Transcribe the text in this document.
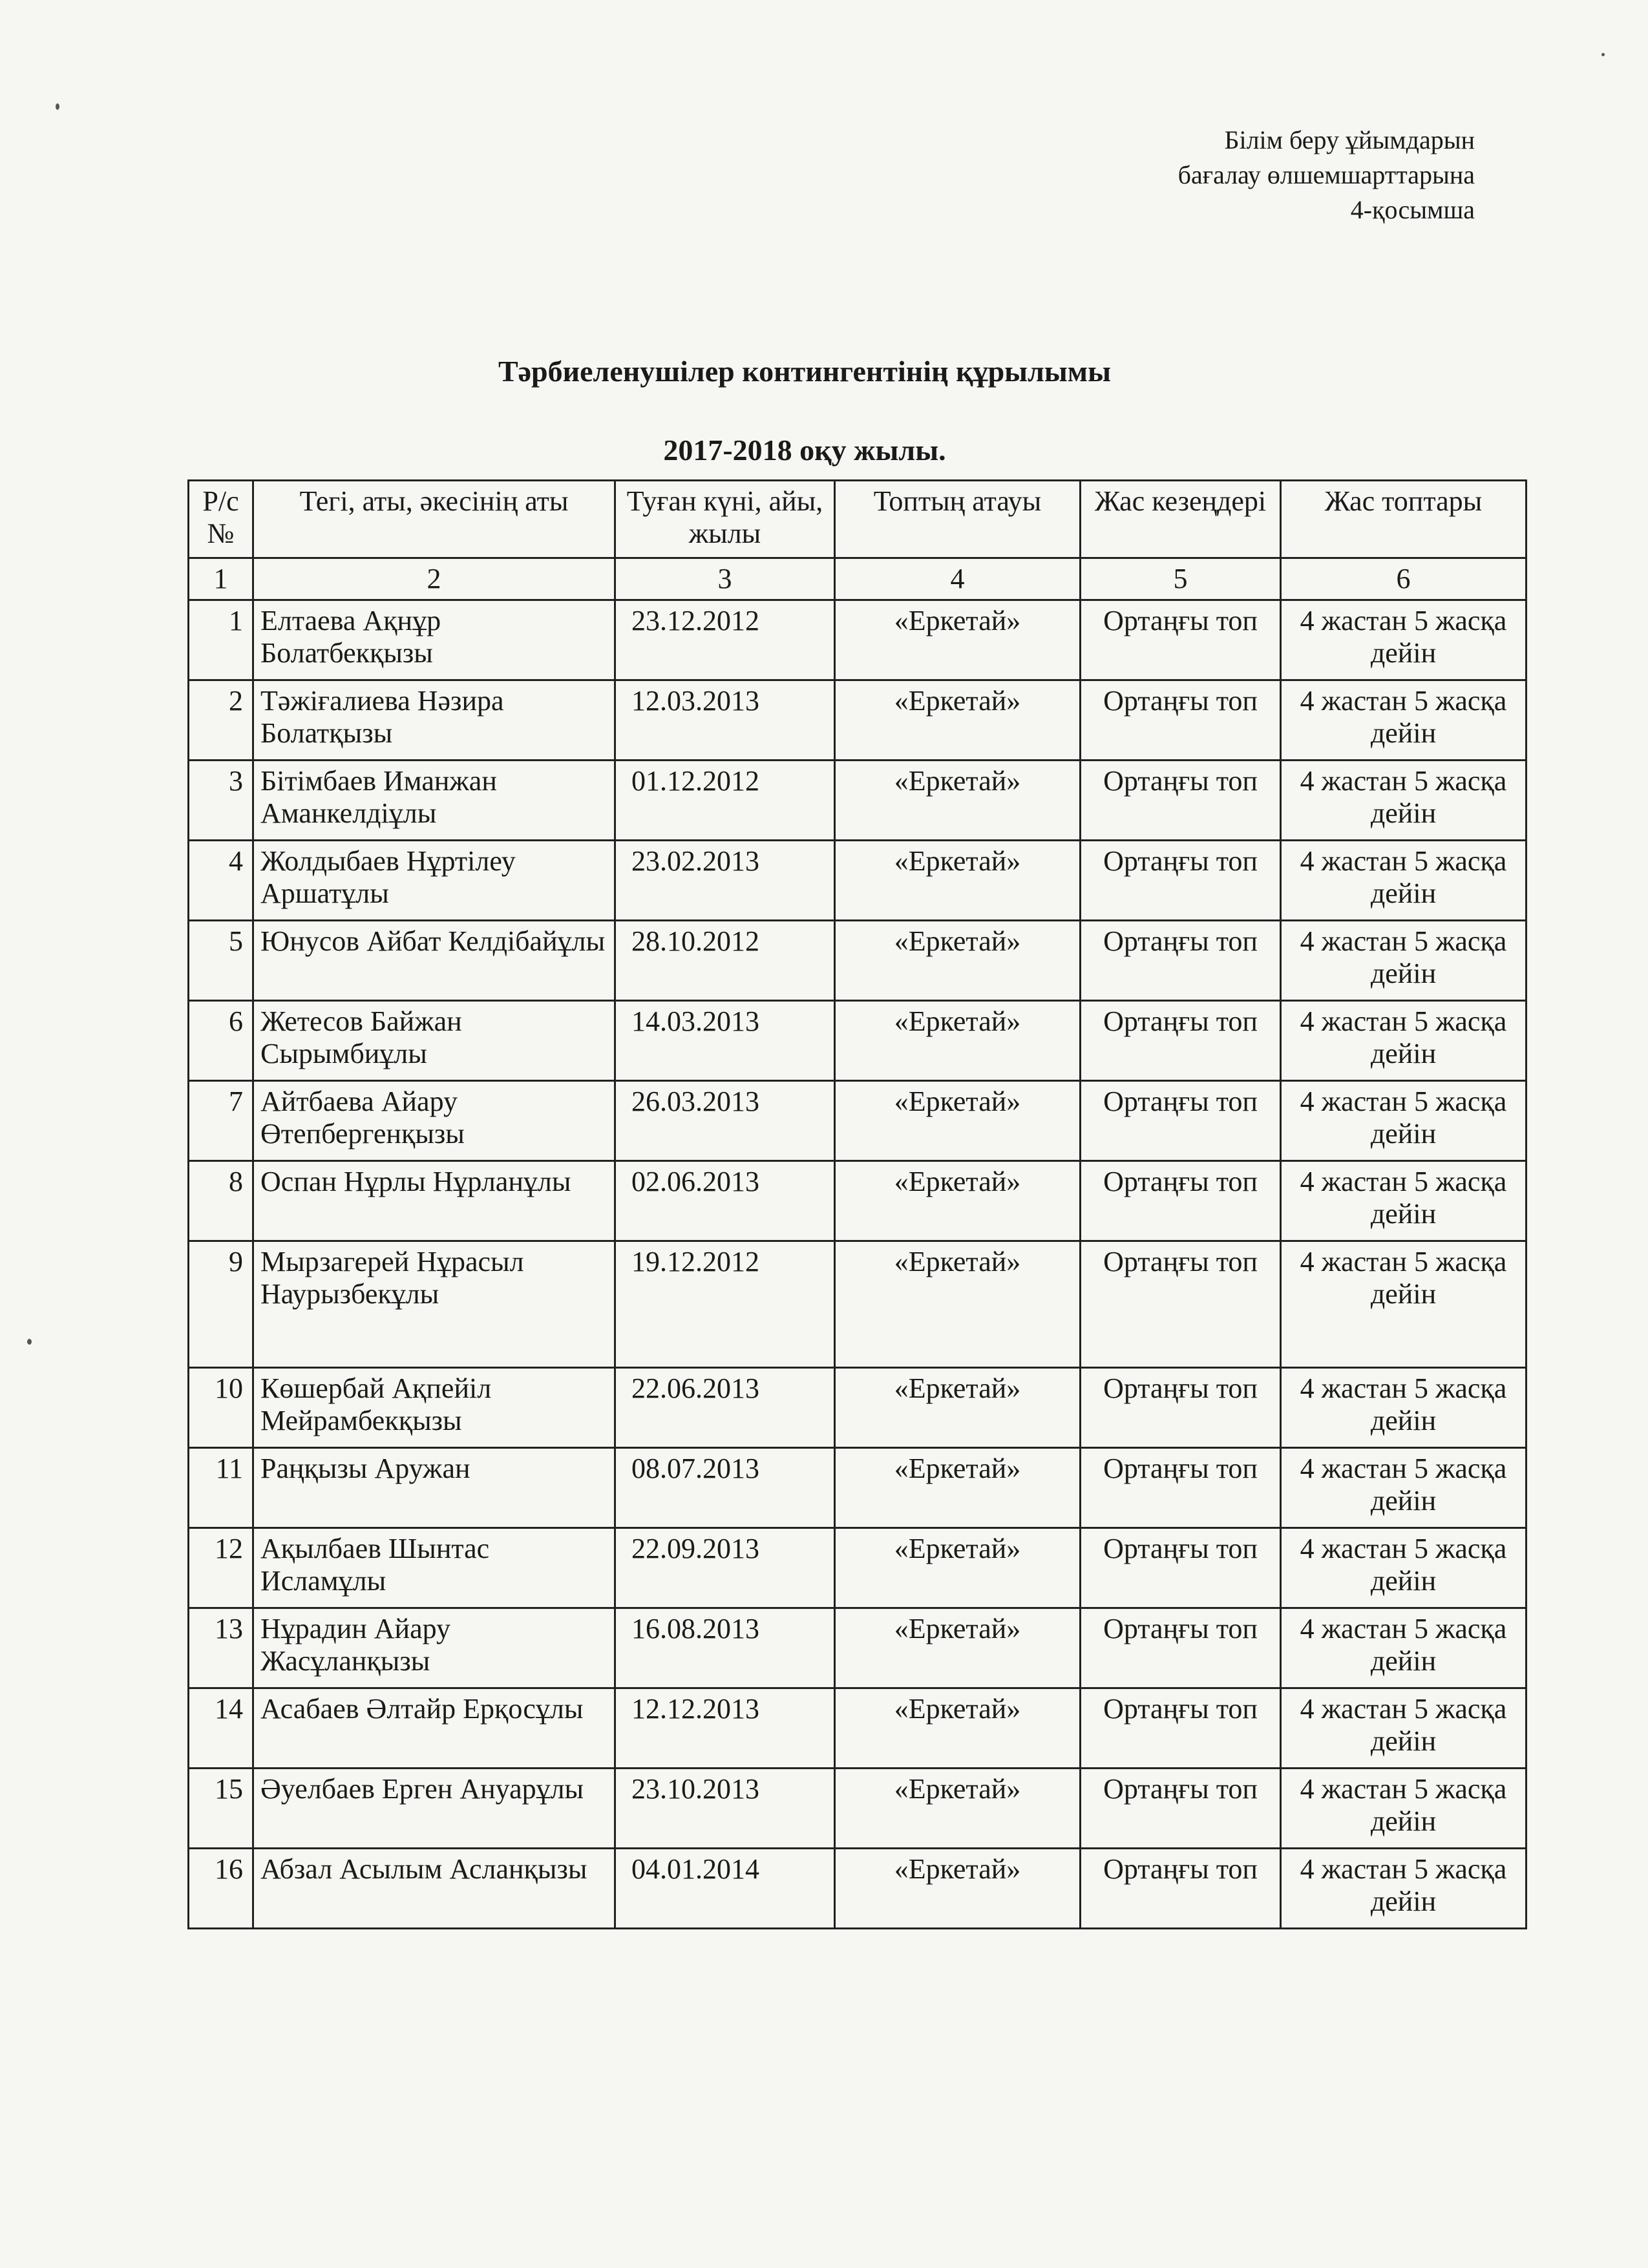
Білім беру ұйымдарын
бағалау өлшемшарттарына
4-қосымша
Тәрбиеленушілер контингентінің құрылымы
2017-2018 оқу жылы.
Р/с №	Тегі, аты, әкесінің аты	Туған күні, айы, жылы	Топтың атауы	Жас кезеңдері	Жас топтары
1	2	3	4	5	6
1	Елтаева Ақнұр Болатбекқызы	23.12.2012	«Еркетай»	Ортаңғы топ	4 жастан 5 жасқа дейін
2	Тәжіғалиева Нәзира Болатқызы	12.03.2013	«Еркетай»	Ортаңғы топ	4 жастан 5 жасқа дейін
3	Бітімбаев Иманжан Аманкелдіұлы	01.12.2012	«Еркетай»	Ортаңғы топ	4 жастан 5 жасқа дейін
4	Жолдыбаев Нұртілеу Аршатұлы	23.02.2013	«Еркетай»	Ортаңғы топ	4 жастан 5 жасқа дейін
5	Юнусов Айбат Келдібайұлы	28.10.2012	«Еркетай»	Ортаңғы топ	4 жастан 5 жасқа дейін
6	Жетесов Байжан Сырымбиұлы	14.03.2013	«Еркетай»	Ортаңғы топ	4 жастан 5 жасқа дейін
7	Айтбаева Айару Өтепбергенқызы	26.03.2013	«Еркетай»	Ортаңғы топ	4 жастан 5 жасқа дейін
8	Оспан Нұрлы Нұрланұлы	02.06.2013	«Еркетай»	Ортаңғы топ	4 жастан 5 жасқа дейін
9	Мырзагерей Нұрасыл Наурызбекұлы	19.12.2012	«Еркетай»	Ортаңғы топ	4 жастан 5 жасқа дейін
10	Көшербай Ақпейіл Мейрамбекқызы	22.06.2013	«Еркетай»	Ортаңғы топ	4 жастан 5 жасқа дейін
11	Раңқызы Аружан	08.07.2013	«Еркетай»	Ортаңғы топ	4 жастан 5 жасқа дейін
12	Ақылбаев Шынтас Исламұлы	22.09.2013	«Еркетай»	Ортаңғы топ	4 жастан 5 жасқа дейін
13	Нұрадин Айару Жасұланқызы	16.08.2013	«Еркетай»	Ортаңғы топ	4 жастан 5 жасқа дейін
14	Асабаев Әлтайр Ерқосұлы	12.12.2013	«Еркетай»	Ортаңғы топ	4 жастан 5 жасқа дейін
15	Әуелбаев Ерген Ануарұлы	23.10.2013	«Еркетай»	Ортаңғы топ	4 жастан 5 жасқа дейін
16	Абзал Асылым Асланқызы	04.01.2014	«Еркетай»	Ортаңғы топ	4 жастан 5 жасқа дейін
